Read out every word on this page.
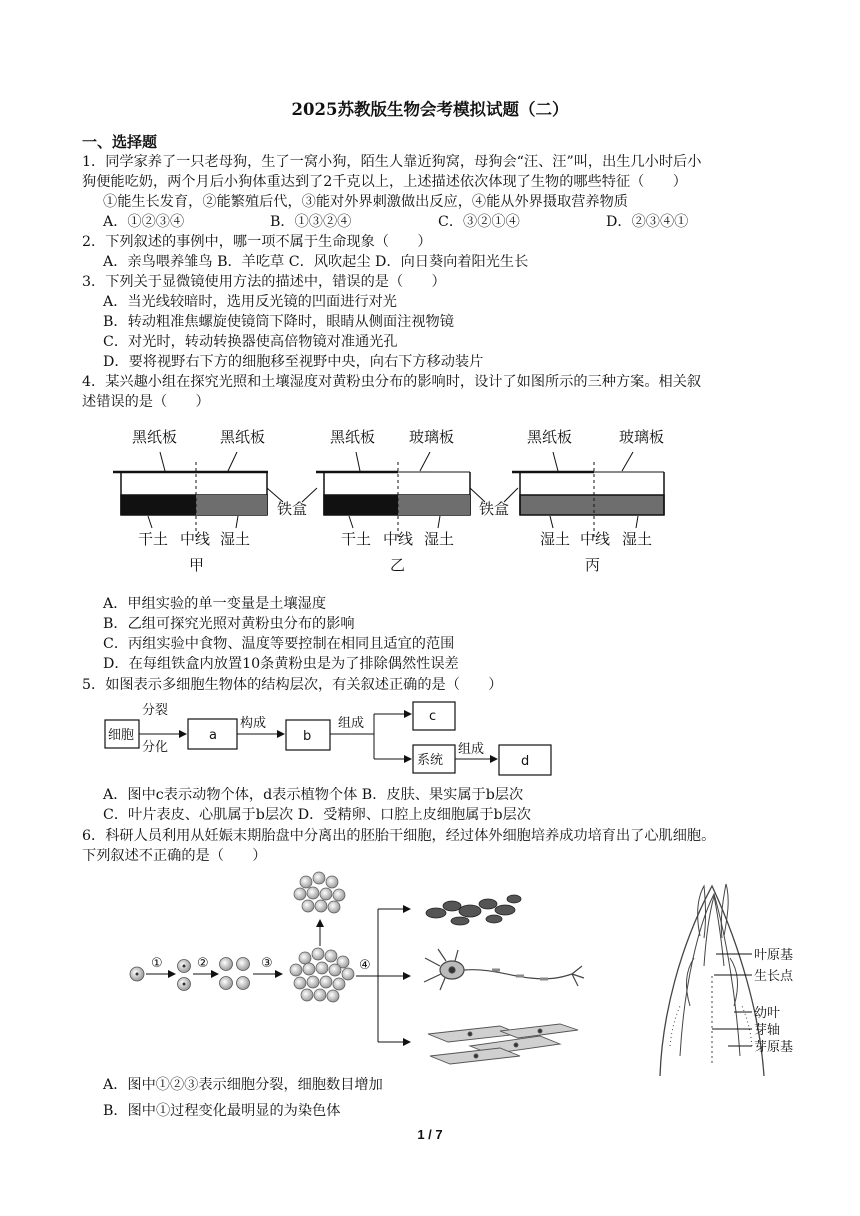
2025苏教版生物会考模拟试题（二）
一、选择题
1．同学家养了一只老母狗，生了一窝小狗，陌生人靠近狗窝，母狗会“汪、汪”叫，出生几小时后小
狗便能吃奶，两个月后小狗体重达到了2千克以上，上述描述依次体现了生物的哪些特征（　　）
①能生长发育，②能繁殖后代，③能对外界刺激做出反应，④能从外界摄取营养物质
A．①②③④	B．①③②④	C．③②①④	D．②③④①
2．下列叙述的事例中，哪一项不属于生命现象（　　）
A．亲鸟喂养雏鸟 B．羊吃草 C．风吹起尘 D．向日葵向着阳光生长
3．下列关于显微镜使用方法的描述中，错误的是（　　）
A．当光线较暗时，选用反光镜的凹面进行对光
B．转动粗准焦螺旋使镜筒下降时，眼睛从侧面注视物镜
C．对光时，转动转换器使高倍物镜对准通光孔
D．要将视野右下方的细胞移至视野中央，向右下方移动装片
4．某兴趣小组在探究光照和土壤湿度对黄粉虫分布的影响时，设计了如图所示的三种方案。相关叙
述错误的是（　　）
黑纸板	黑纸板
干土 中线 湿土
甲
铁盒
黑纸板 玻璃板
干土 中线 湿土
乙
铁盒
黑纸板	玻璃板
湿土 中线 湿土
丙
A．甲组实验的单一变量是土壤湿度
B．乙组可探究光照对黄粉虫分布的影响
C．丙组实验中食物、温度等要控制在相同且适宜的范围
D．在每组铁盒内放置10条黄粉虫是为了排除偶然性误差
5．如图表示多细胞生物体的结构层次，有关叙述正确的是（　　）
细胞
分裂
分化
a
构成
b
组成	c
系统
组成
d
A．图中c表示动物个体，d表示植物个体 B．皮肤、果实属于b层次
C．叶片表皮、心肌属于b层次 D．受精卵、口腔上皮细胞属于b层次
6．科研人员利用从妊娠末期胎盘中分离出的胚胎干细胞，经过体外细胞培养成功培育出了心肌细胞。
下列叙述不正确的是（　　）
①	②	③	④
叶原基
生长点
幼叶
芽轴
芽原基
A．图中①②③表示细胞分裂，细胞数目增加
B．图中①过程变化最明显的为染色体
1 / 7
